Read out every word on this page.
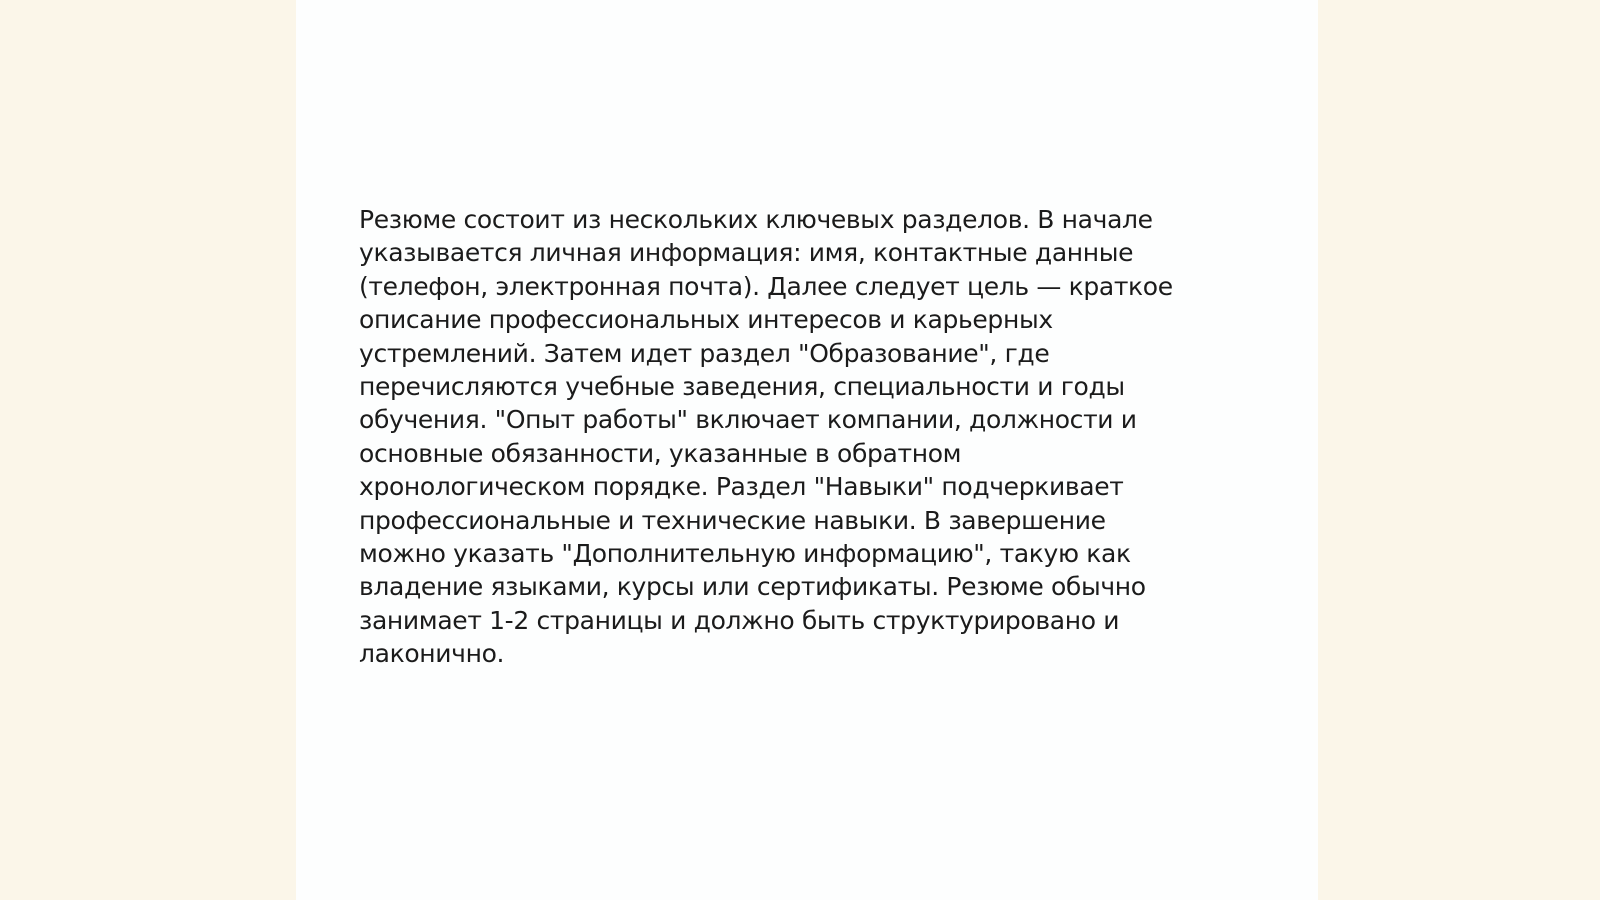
Резюме состоит из нескольких ключевых разделов. В начале
указывается личная информация: имя, контактные данные
(телефон, электронная почта). Далее следует цель — краткое
описание профессиональных интересов и карьерных
устремлений. Затем идет раздел "Образование", где
перечисляются учебные заведения, специальности и годы
обучения. "Опыт работы" включает компании, должности и
основные обязанности, указанные в обратном
хронологическом порядке. Раздел "Навыки" подчеркивает
профессиональные и технические навыки. В завершение
можно указать "Дополнительную информацию", такую как
владение языками, курсы или сертификаты. Резюме обычно
занимает 1-2 страницы и должно быть структурировано и
лаконично.
